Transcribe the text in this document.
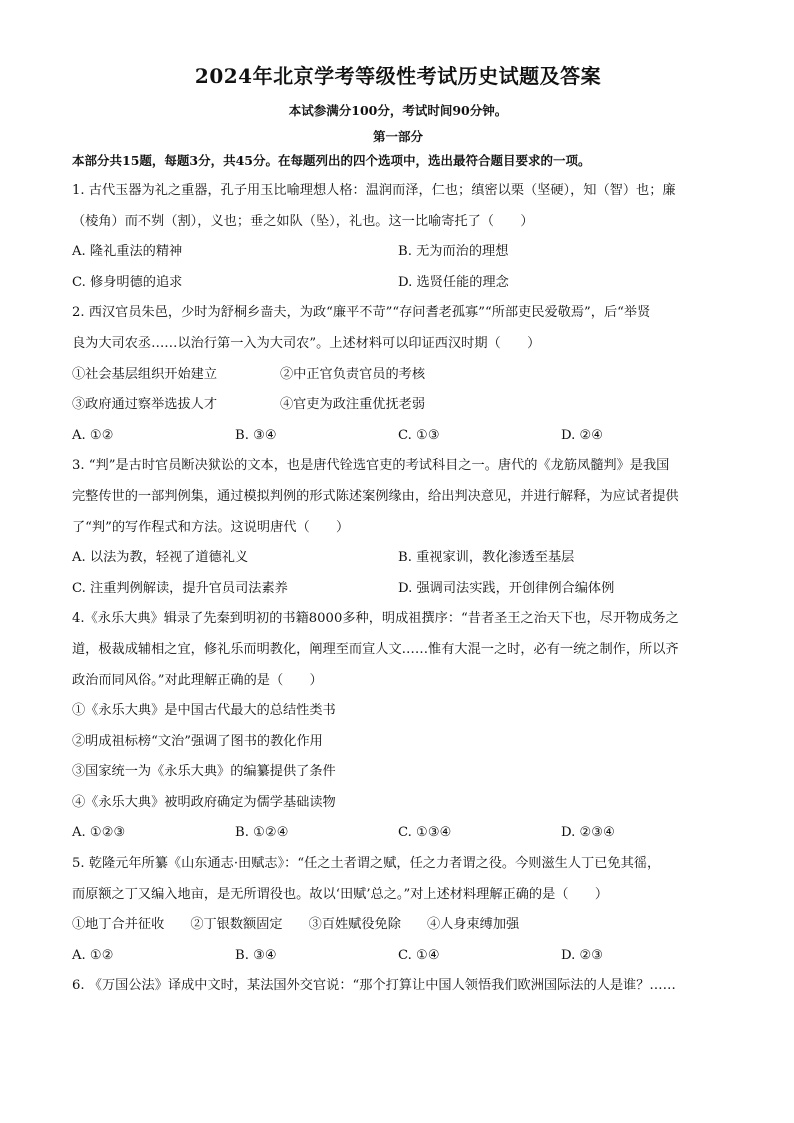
2024年北京学考等级性考试历史试题及答案
本试参满分100分，考试时间90分钟。
第一部分
本部分共15题，每题3分，共45分。在每题列出的四个选项中，选出最符合题目要求的一项。

1. 古代玉器为礼之重器，孔子用玉比喻理想人格：温润而泽，仁也；缜密以栗（坚硬），知（智）也；廉

（棱角）而不刿（割），义也；垂之如队（坠），礼也。这一比喻寄托了（　　）

A. 隆礼重法的精神	B. 无为而治的理想
C. 修身明德的追求	D. 选贤任能的理念

2. 西汉官员朱邑，少时为舒桐乡啬夫，为政“廉平不苛”“存问耆老孤寡”“所部吏民爱敬焉”，后“举贤

良为大司农丞……以治行第一入为大司农”。上述材料可以印证西汉时期（　　）

①社会基层组织开始建立	②中正官负责官员的考核
③政府通过察举选拔人才	④官吏为政注重优抚老弱
A. ①②	B. ③④	C. ①③	D. ②④

3. “判”是古时官员断决狱讼的文本，也是唐代铨选官吏的考试科目之一。唐代的《龙筋凤髓判》是我国

完整传世的一部判例集，通过模拟判例的形式陈述案例缘由，给出判决意见，并进行解释，为应试者提供

了“判”的写作程式和方法。这说明唐代（　　）

A. 以法为教，轻视了道德礼义	B. 重视家训，教化渗透至基层
C. 注重判例解读，提升官员司法素养	D. 强调司法实践，开创律例合编体例

4.《永乐大典》辑录了先秦到明初的书籍8000多种，明成祖撰序：“昔者圣王之治天下也，尽开物成务之

道，极裁成辅相之宜，修礼乐而明教化，阐理至而宣人文……惟有大混一之时，必有一统之制作，所以齐

政治而同风俗。”对此理解正确的是（　　）

①《永乐大典》是中国古代最大的总结性类书

②明成祖标榜“文治”强调了图书的教化作用

③国家统一为《永乐大典》的编纂提供了条件

④《永乐大典》被明政府确定为儒学基础读物

A. ①②③	B. ①②④	C. ①③④	D. ②③④

5. 乾隆元年所纂《山东通志·田赋志》：“任之土者谓之赋，任之力者谓之役。今则滋生人丁已免其徭，

而原额之丁又编入地亩，是无所谓役也。故以‘田赋’总之。”对上述材料理解正确的是（　　）

①地丁合并征收 ②丁银数额固定 ③百姓赋役免除 ④人身束缚加强
A. ①②	B. ③④	C. ①④	D. ②③

6. 《万国公法》译成中文时，某法国外交官说：“那个打算让中国人领悟我们欧洲国际法的人是谁？……
